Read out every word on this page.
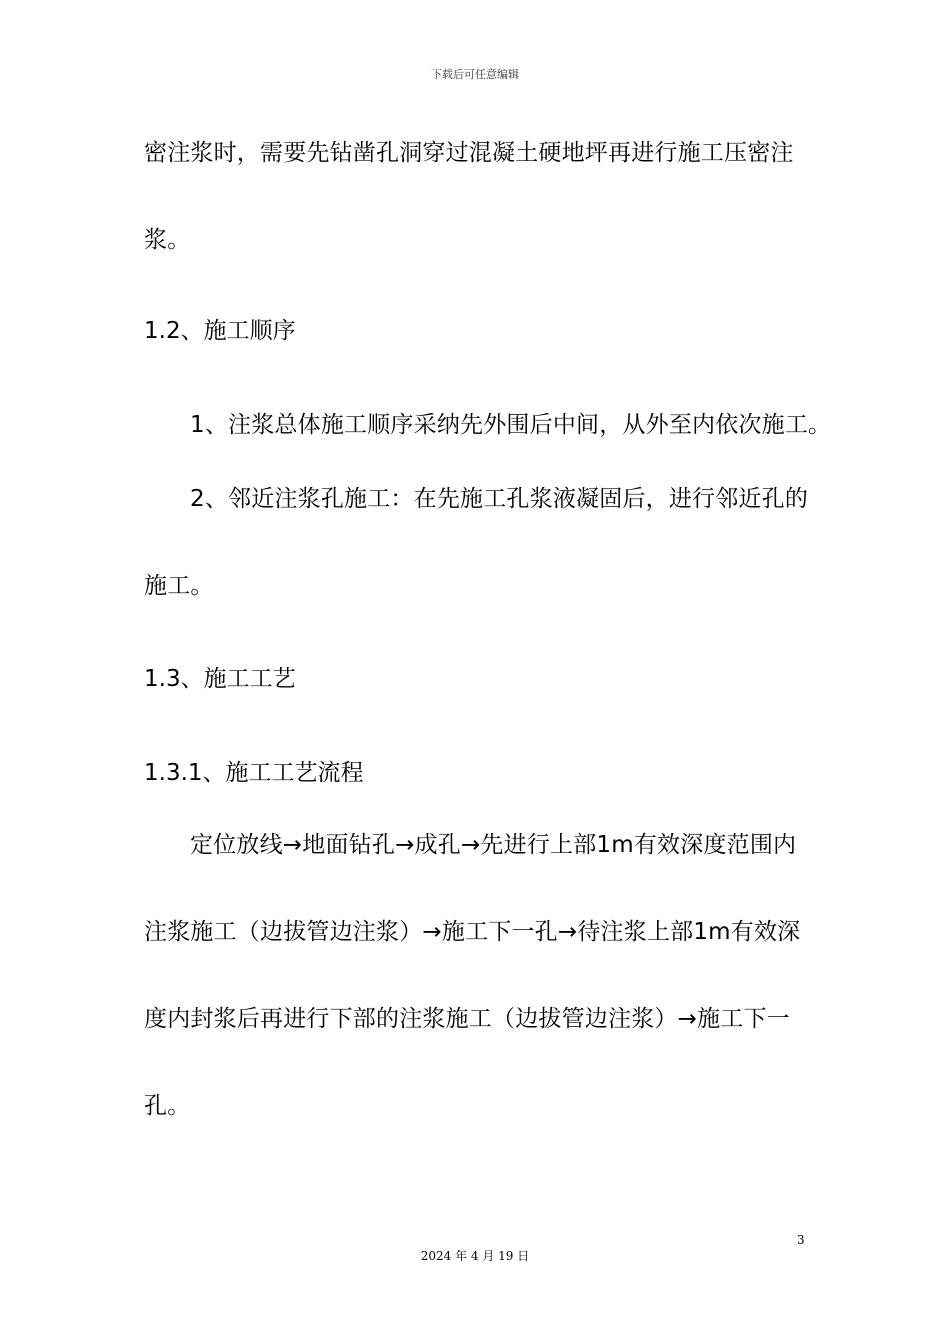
下载后可任意编辑
密注浆时，需要先钻凿孔洞穿过混凝土硬地坪再进行施工压密注
浆。
1.2、施工顺序
1、注浆总体施工顺序采纳先外围后中间，从外至内依次施工。
2、邻近注浆孔施工：在先施工孔浆液凝固后，进行邻近孔的
施工。
1.3、施工工艺
1.3.1、施工工艺流程
定位放线→地面钻孔→成孔→先进行上部1m有效深度范围内
注浆施工（边拔管边注浆）→施工下一孔→待注浆上部1m有效深
度内封浆后再进行下部的注浆施工（边拔管边注浆）→施工下一
孔。
3
2024 年 4 月 19 日
